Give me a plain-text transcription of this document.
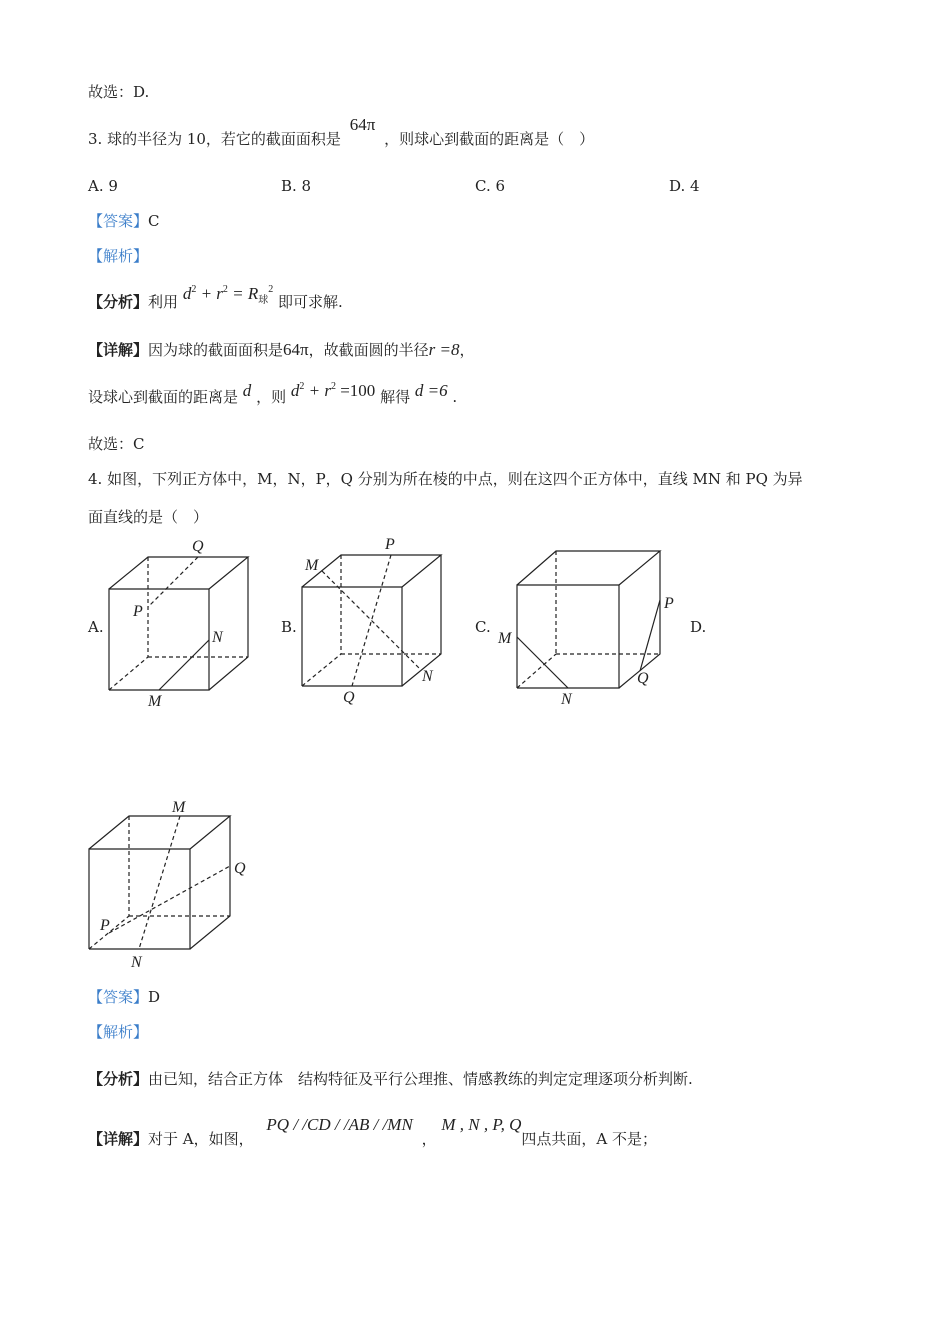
故选：D.
3. 球的半径为 10，若它的截面面积是 64π ，则球心到截面的距离是（　）
A. 9	B. 8	C. 6	D. 4
【答案】C
【解析】
【分析】利用 $d^2 + r^2 = R_球^2$ 即可求解.
【详解】因为球的截面面积是64π，故截面圆的半径r =8，
设球心到截面的距离是 d ，则 $d^2 + r^2 =100$ 解得 d =6 .
故选：C
4. 如图，下列正方体中，M，N，P，Q 分别为所在棱的中点，则在这四个正方体中，直线 MN 和 PQ 为异
面直线的是（　）
A.	B.	C.	D.
Q
P
N
M
P
M
N
Q
P
M
Q
N
M
Q
P
N
【答案】D
【解析】
【分析】由已知，结合正方体　结构特征及平行公理推、情感教练的判定定理逐项分析判断.
【详解】对于 A，如图， PQ / /CD / /AB / /MN ， M , N , P, Q四点共面，A 不是；
